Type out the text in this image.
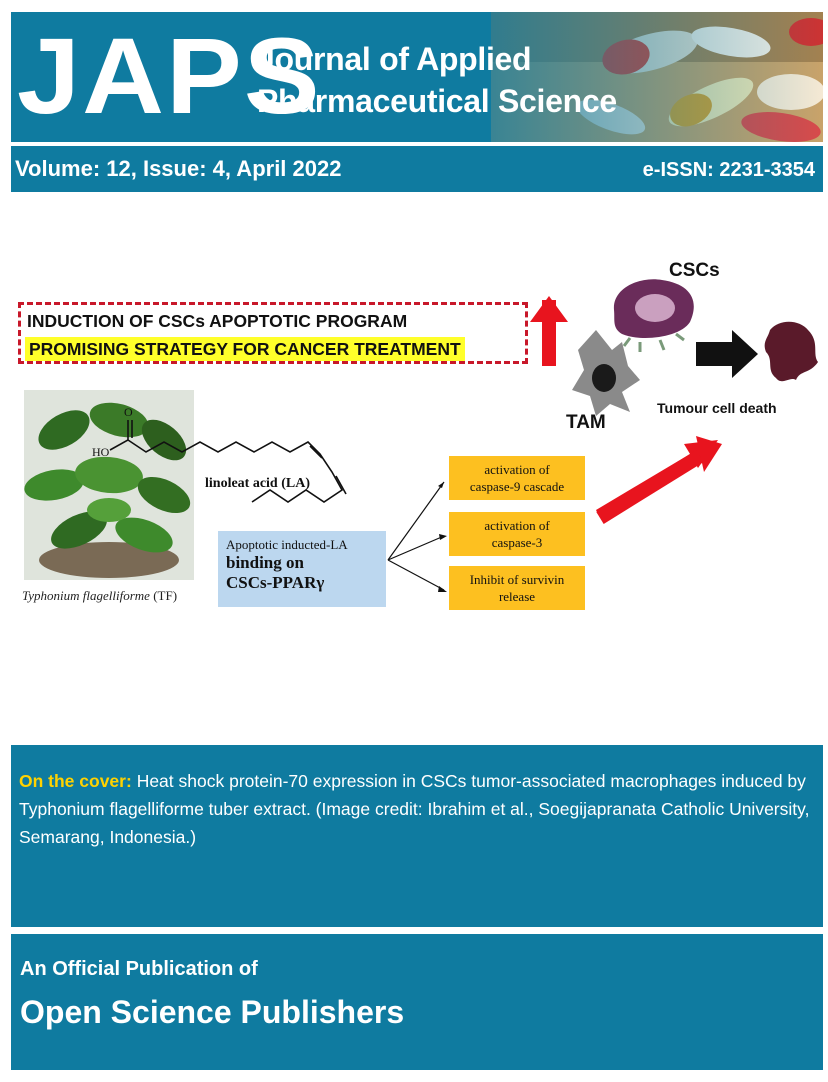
JAPS
Journal of Applied
Pharmaceutical Science
Volume: 12, Issue: 4, April 2022	e-ISSN: 2231-3354
INDUCTION OF CSCs APOPTOTIC PROGRAM
PROMISING STRATEGY FOR CANCER TREATMENT
Typhonium flagelliforme (TF)
O
HO
linoleat acid (LA)
Apoptotic inducted-LA
binding on
CSCs-PPARγ
activation of
caspase-9 cascade
activation of
caspase-3
Inhibit of survivin
release
CSCs
TAM
Tumour cell death
On the cover: Heat shock protein-70 expression in CSCs tumor-associated macrophages induced by Typhonium flagelliforme tuber extract. (Image credit: Ibrahim et al., Soegijapranata Catholic University, Semarang, Indonesia.)
An Official Publication of
Open Science Publishers
